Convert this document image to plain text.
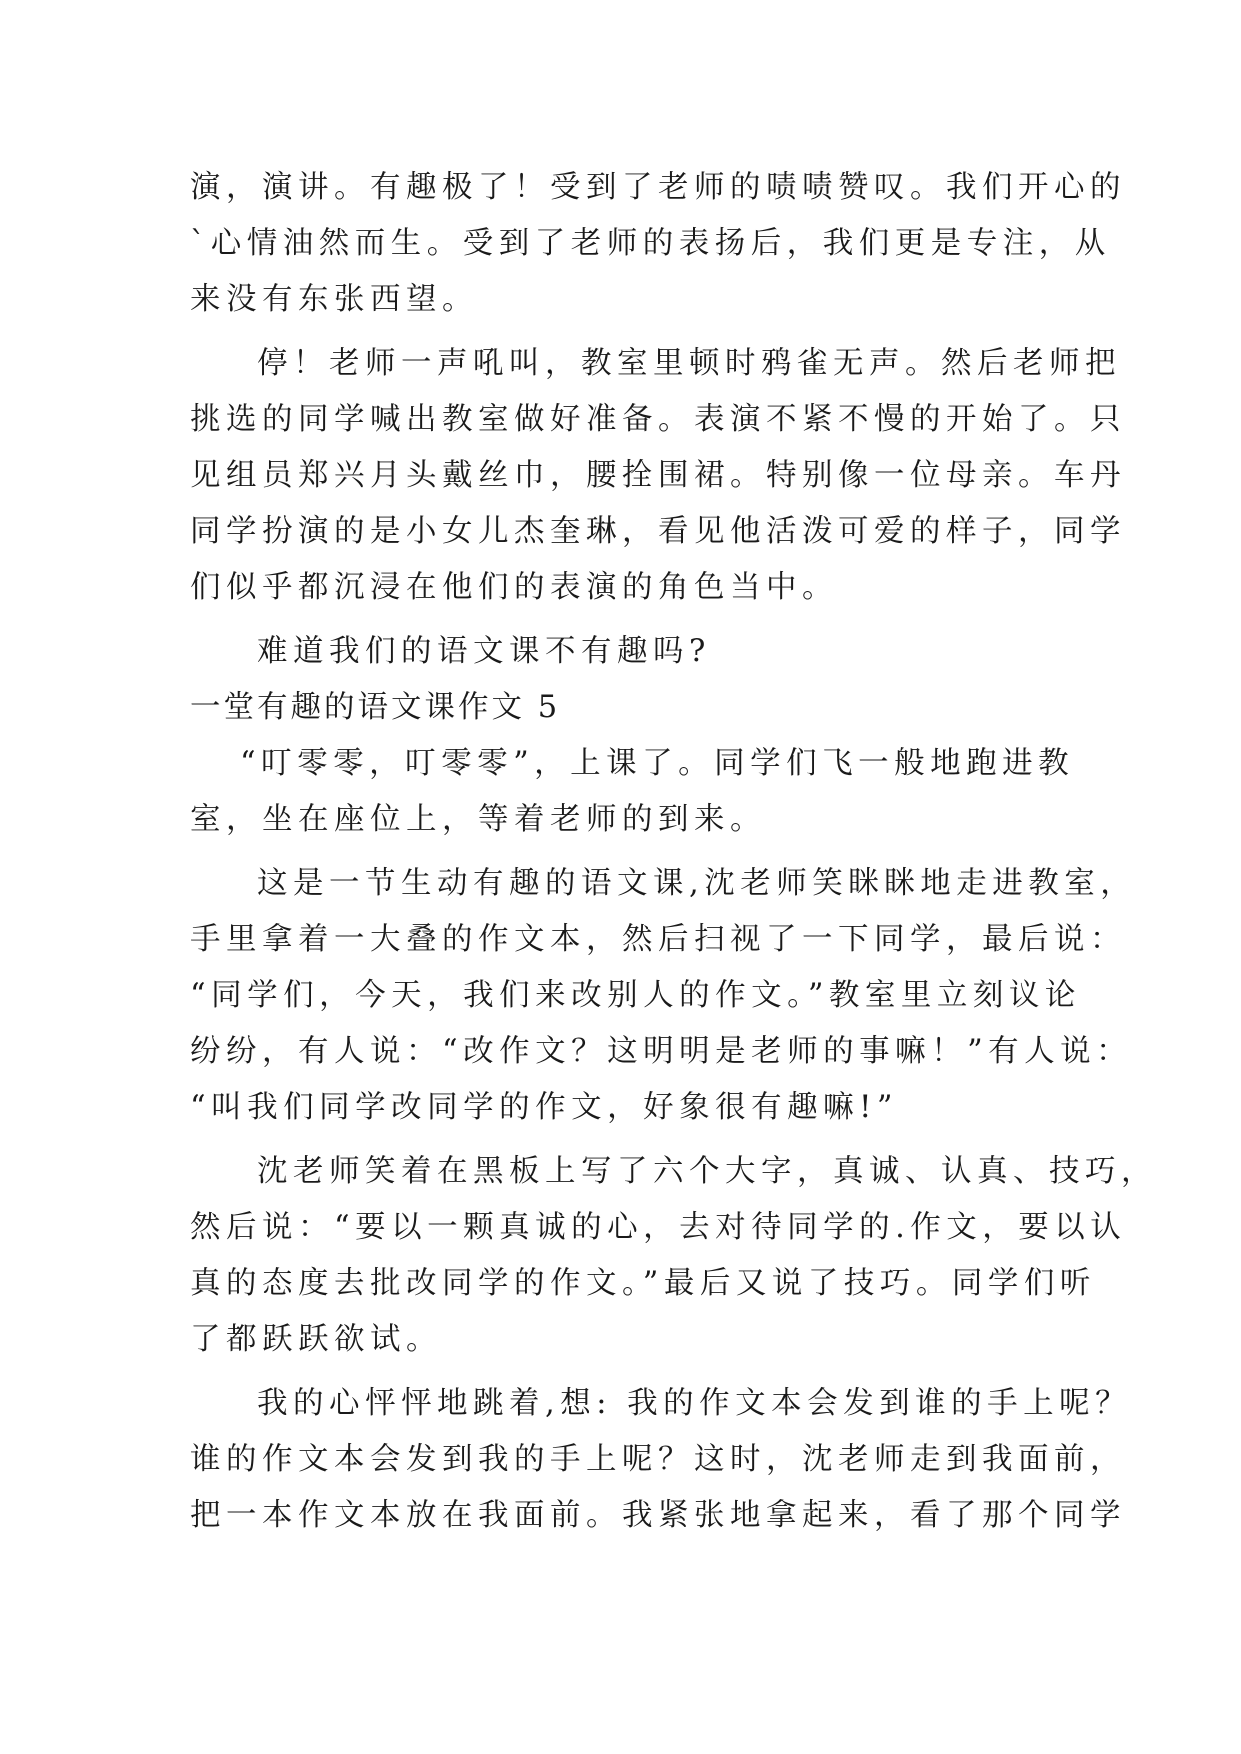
演，演讲。有趣极了！受到了老师的啧啧赞叹。我们开心的
`心情油然而生。受到了老师的表扬后，我们更是专注，从
来没有东张西望。
停！老师一声吼叫，教室里顿时鸦雀无声。然后老师把
挑选的同学喊出教室做好准备。表演不紧不慢的开始了。只
见组员郑兴月头戴丝巾，腰拴围裙。特别像一位母亲。车丹
同学扮演的是小女儿杰奎琳，看见他活泼可爱的样子，同学
们似乎都沉浸在他们的表演的角色当中。
难道我们的语文课不有趣吗?
一堂有趣的语文课作文 5
“叮零零，叮零零”，上课了。同学们飞一般地跑进教
室，坐在座位上，等着老师的到来。
这是一节生动有趣的语文课,沈老师笑眯眯地走进教室，
手里拿着一大叠的作文本，然后扫视了一下同学，最后说：
“同学们，今天，我们来改别人的作文。”教室里立刻议论
纷纷，有人说：“改作文？这明明是老师的事嘛！”有人说：
“叫我们同学改同学的作文，好象很有趣嘛!”
沈老师笑着在黑板上写了六个大字，真诚、认真、技巧，
然后说：“要以一颗真诚的心，去对待同学的.作文，要以认
真的态度去批改同学的作文。”最后又说了技巧。同学们听
了都跃跃欲试。
我的心怦怦地跳着,想: 我的作文本会发到谁的手上呢？
谁的作文本会发到我的手上呢？这时，沈老师走到我面前，
把一本作文本放在我面前。我紧张地拿起来，看了那个同学
